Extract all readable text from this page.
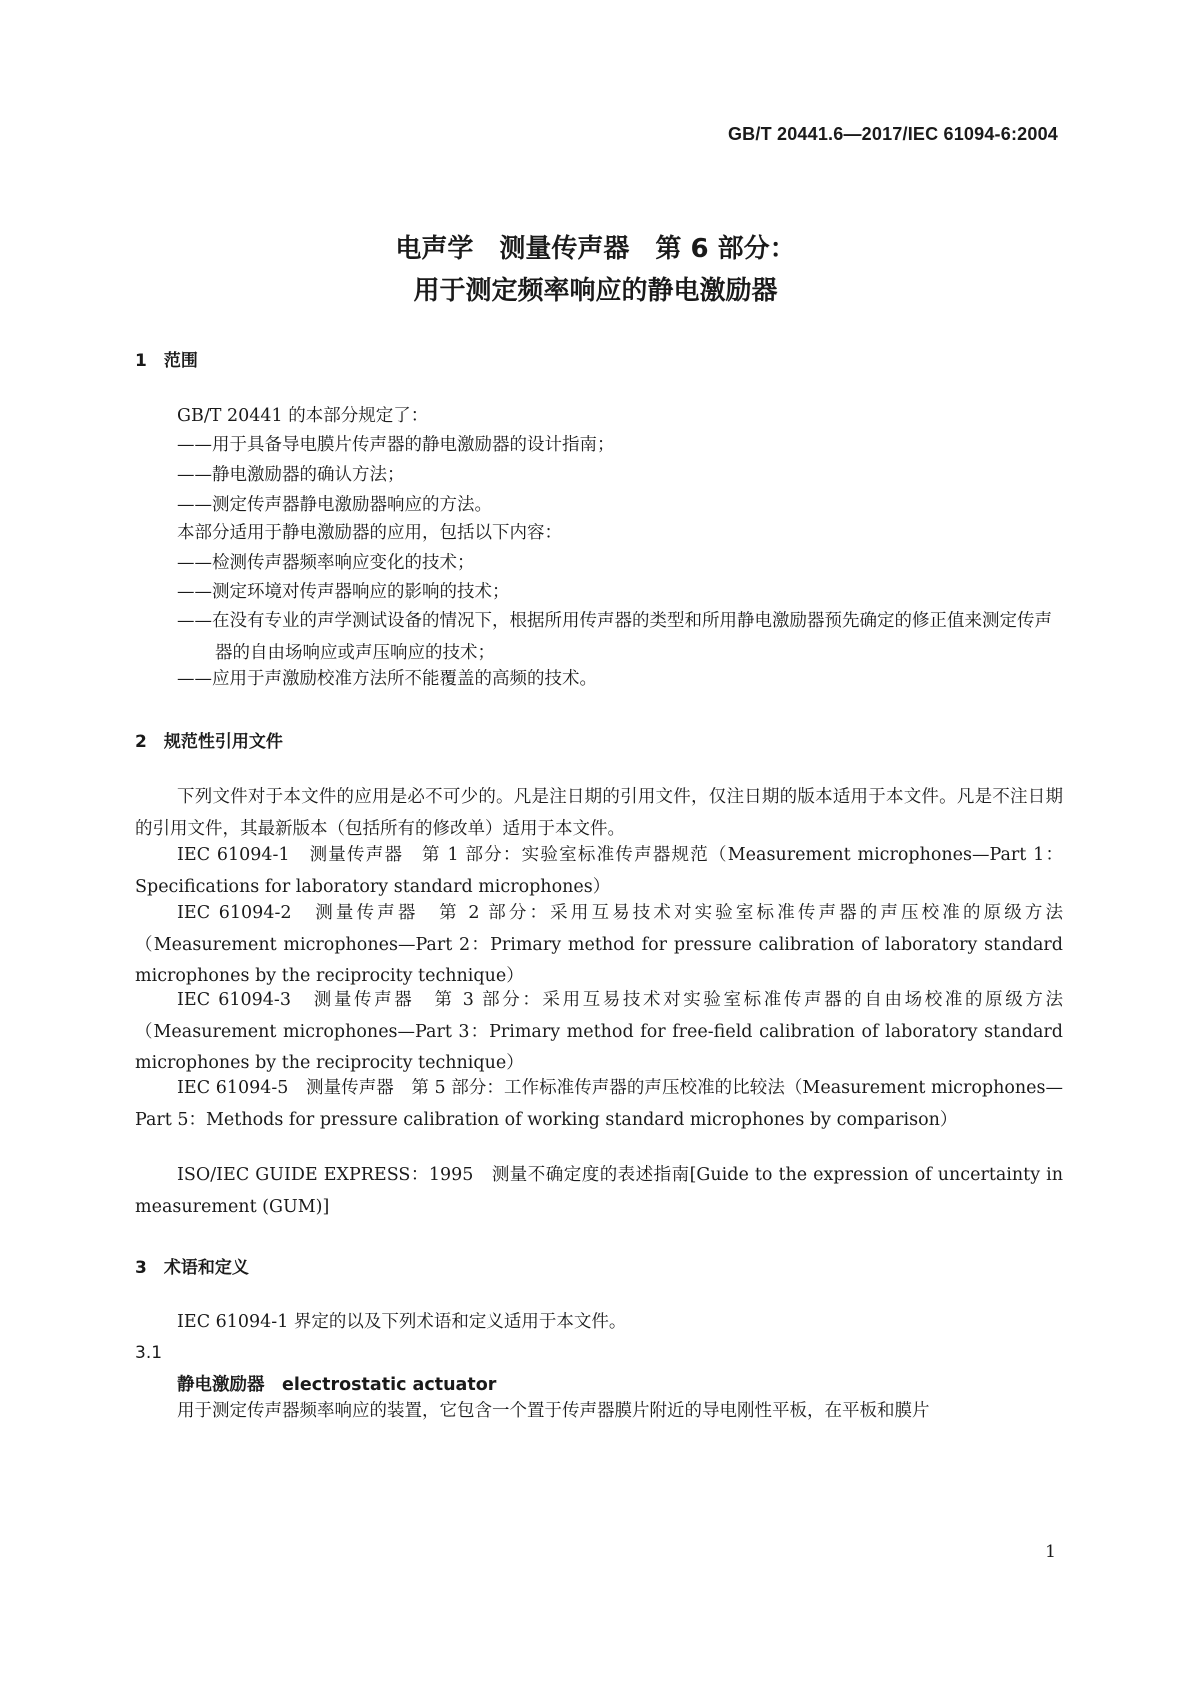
GB/T 20441.6—2017/IEC 61094-6:2004
电声学　测量传声器　第 6 部分：
用于测定频率响应的静电激励器
1　范围
GB/T 20441 的本部分规定了：
——用于具备导电膜片传声器的静电激励器的设计指南；
——静电激励器的确认方法；
——测定传声器静电激励器响应的方法。
本部分适用于静电激励器的应用，包括以下内容：
——检测传声器频率响应变化的技术；
——测定环境对传声器响应的影响的技术；
——在没有专业的声学测试设备的情况下，根据所用传声器的类型和所用静电激励器预先确定的修正值来测定传声器的自由场响应或声压响应的技术；
——应用于声激励校准方法所不能覆盖的高频的技术。
2　规范性引用文件
下列文件对于本文件的应用是必不可少的。凡是注日期的引用文件，仅注日期的版本适用于本文件。凡是不注日期的引用文件，其最新版本（包括所有的修改单）适用于本文件。
IEC 61094-1　测量传声器　第 1 部分：实验室标准传声器规范（Measurement microphones—Part 1：Specifications for laboratory standard microphones）
IEC 61094-2　测量传声器　第 2 部分：采用互易技术对实验室标准传声器的声压校准的原级方法（Measurement microphones—Part 2：Primary method for pressure calibration of laboratory standard microphones by the reciprocity technique）
IEC 61094-3　测量传声器　第 3 部分：采用互易技术对实验室标准传声器的自由场校准的原级方法（Measurement microphones—Part 3：Primary method for free-field calibration of laboratory standard microphones by the reciprocity technique）
IEC 61094-5　测量传声器　第 5 部分：工作标准传声器的声压校准的比较法（Measurement microphones—Part 5：Methods for pressure calibration of working standard microphones by comparison）
ISO/IEC GUIDE EXPRESS：1995　测量不确定度的表述指南[Guide to the expression of uncertainty in measurement (GUM)]
3　术语和定义
IEC 61094-1 界定的以及下列术语和定义适用于本文件。
3.1
静电激励器　electrostatic actuator
用于测定传声器频率响应的装置，它包含一个置于传声器膜片附近的导电刚性平板，在平板和膜片
1
